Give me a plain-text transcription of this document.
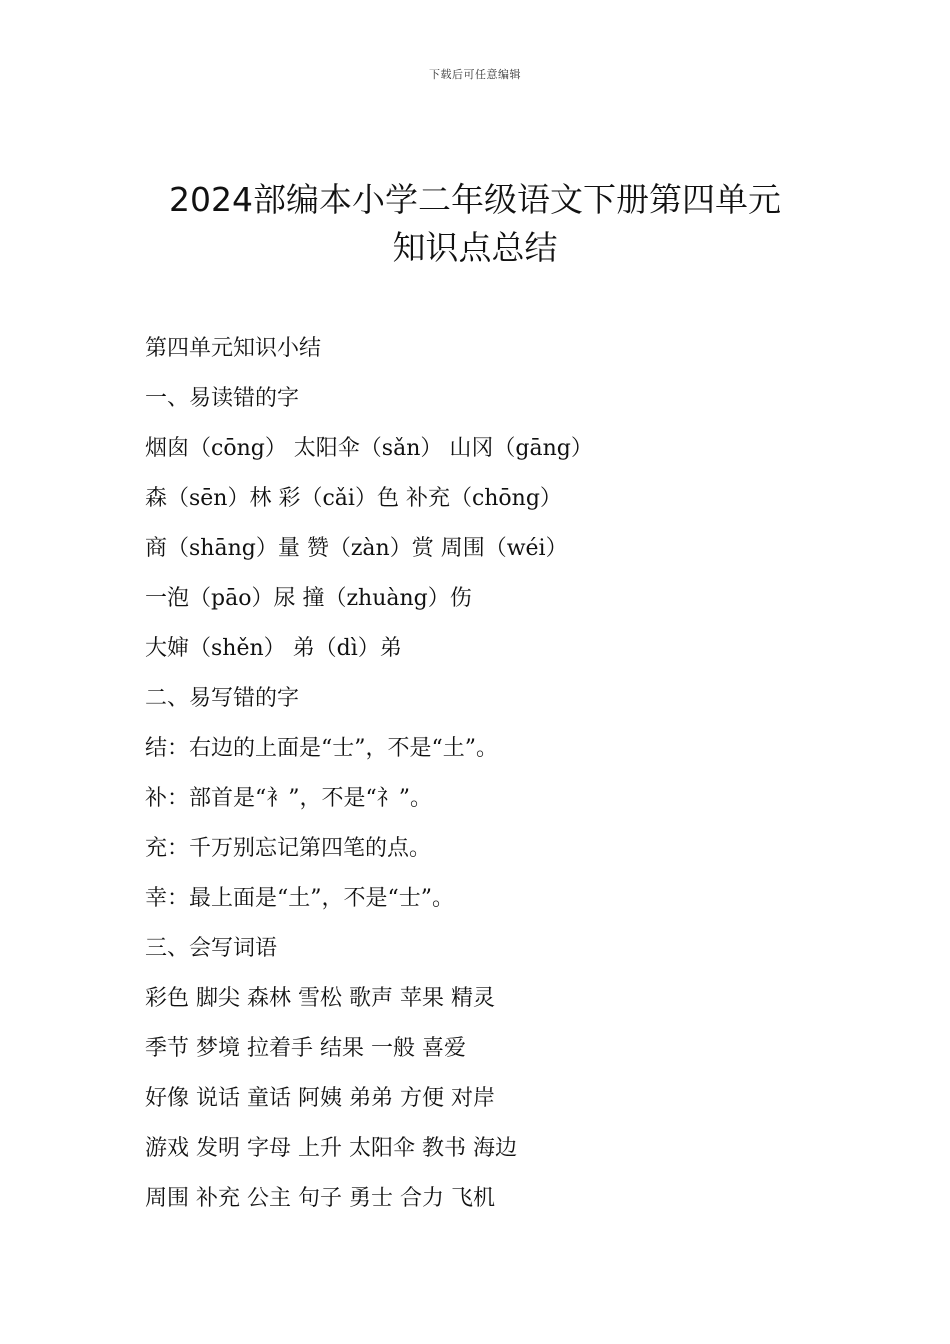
下载后可任意编辑
2024部编本小学二年级语文下册第四单元
知识点总结
第四单元知识小结
一、易读错的字
烟囱（cōng） 太阳伞（sǎn） 山冈（gāng）
森（sēn）林 彩（cǎi）色 补充（chōng）
商（shāng）量 赞（zàn）赏 周围（wéi）
一泡（pāo）尿 撞（zhuàng）伤
大婶（shěn） 弟（dì）弟
二、易写错的字
结：右边的上面是“士”，不是“土”。
补：部首是“衤”，不是“礻”。
充：千万别忘记第四笔的点。
幸：最上面是“土”，不是“士”。
三、会写词语
彩色 脚尖 森林 雪松 歌声 苹果 精灵
季节 梦境 拉着手 结果 一般 喜爱
好像 说话 童话 阿姨 弟弟 方便 对岸
游戏 发明 字母 上升 太阳伞 教书 海边
周围 补充 公主 句子 勇士 合力 飞机
